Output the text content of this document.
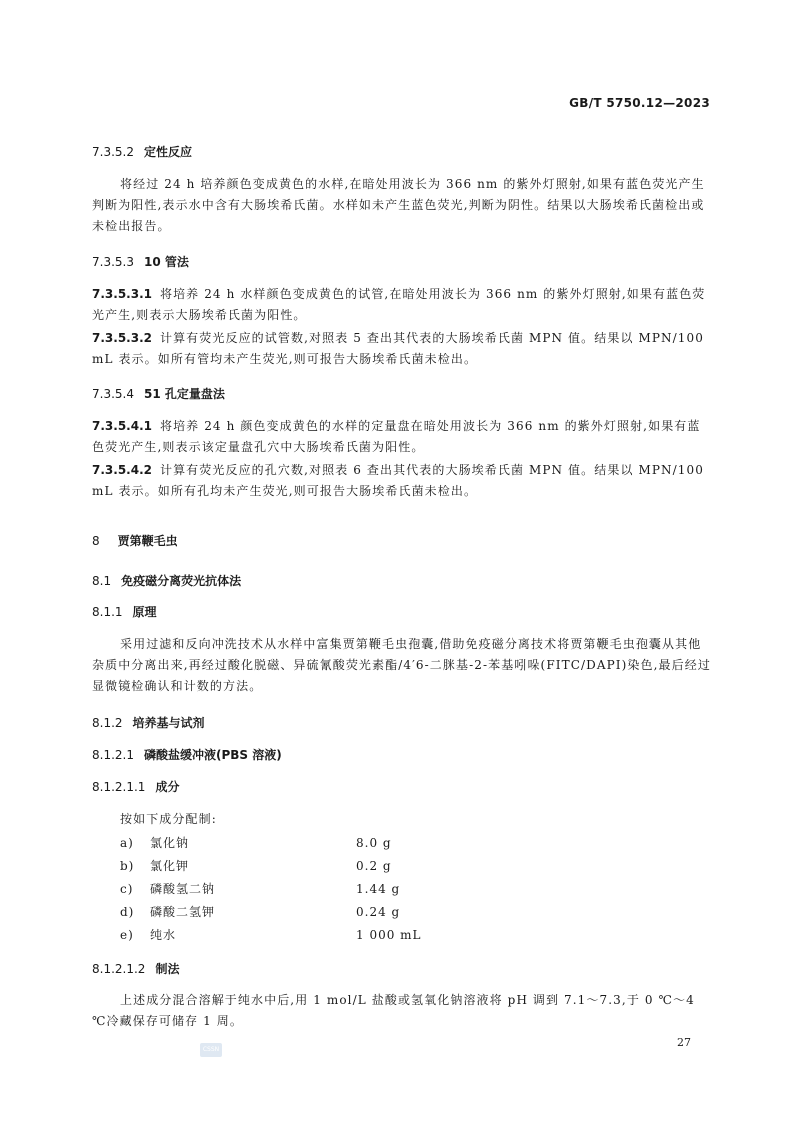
GB/T 5750.12—2023
7.3.5.2 定性反应
将经过 24 h 培养颜色变成黄色的水样,在暗处用波长为 366 nm 的紫外灯照射,如果有蓝色荧光产生判断为阳性,表示水中含有大肠埃希氏菌。水样如未产生蓝色荧光,判断为阴性。结果以大肠埃希氏菌检出或未检出报告。
7.3.5.3 10 管法
7.3.5.3.1 将培养 24 h 水样颜色变成黄色的试管,在暗处用波长为 366 nm 的紫外灯照射,如果有蓝色荧光产生,则表示大肠埃希氏菌为阳性。
7.3.5.3.2 计算有荧光反应的试管数,对照表 5 查出其代表的大肠埃希氏菌 MPN 值。结果以 MPN/100 mL 表示。如所有管均未产生荧光,则可报告大肠埃希氏菌未检出。
7.3.5.4 51 孔定量盘法
7.3.5.4.1 将培养 24 h 颜色变成黄色的水样的定量盘在暗处用波长为 366 nm 的紫外灯照射,如果有蓝色荧光产生,则表示该定量盘孔穴中大肠埃希氏菌为阳性。
7.3.5.4.2 计算有荧光反应的孔穴数,对照表 6 查出其代表的大肠埃希氏菌 MPN 值。结果以 MPN/100 mL 表示。如所有孔均未产生荧光,则可报告大肠埃希氏菌未检出。
8 贾第鞭毛虫
8.1 免疫磁分离荧光抗体法
8.1.1 原理
采用过滤和反向冲洗技术从水样中富集贾第鞭毛虫孢囊,借助免疫磁分离技术将贾第鞭毛虫孢囊从其他杂质中分离出来,再经过酸化脱磁、异硫氰酸荧光素酯/4′6-二脒基-2-苯基吲哚(FITC/DAPI)染色,最后经过显微镜检确认和计数的方法。
8.1.2 培养基与试剂
8.1.2.1 磷酸盐缓冲液(PBS 溶液)
8.1.2.1.1 成分
按如下成分配制:
a) 氯化钠	8.0 g
b) 氯化钾	0.2 g
c) 磷酸氢二钠	1.44 g
d) 磷酸二氢钾	0.24 g
e) 纯水	1 000 mL
8.1.2.1.2 制法
上述成分混合溶解于纯水中后,用 1 mol/L 盐酸或氢氧化钠溶液将 pH 调到 7.1～7.3,于 0 ℃～4 ℃冷藏保存可储存 1 周。
CSSN
27
